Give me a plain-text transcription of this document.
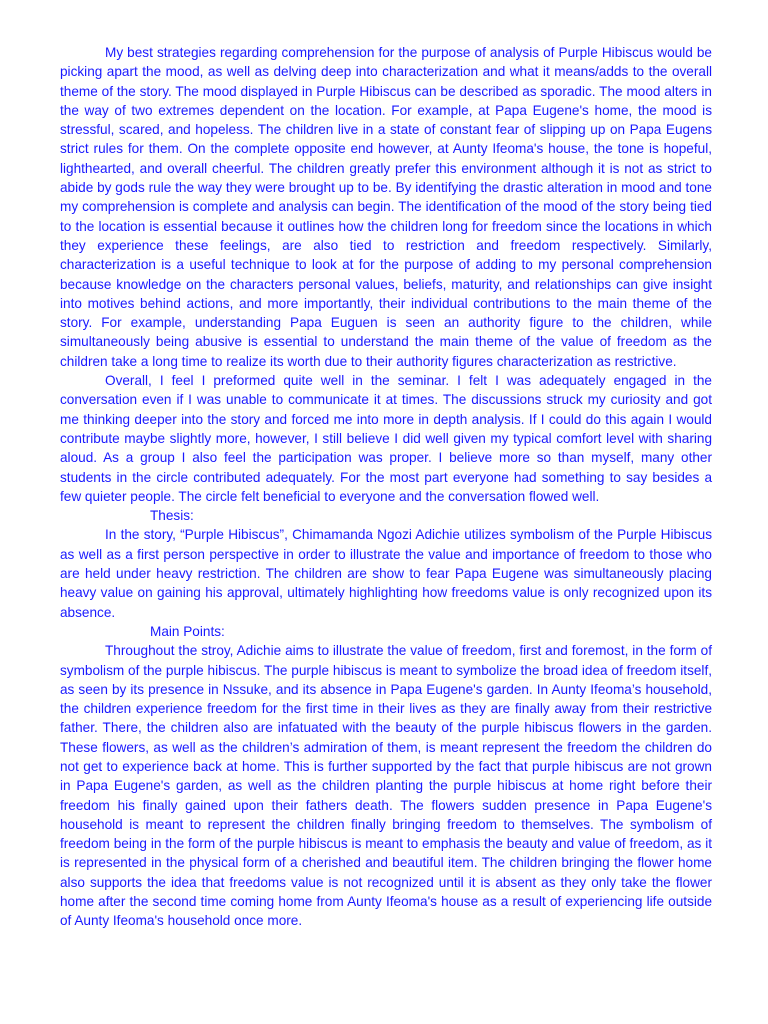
My best strategies regarding comprehension for the purpose of analysis of Purple Hibiscus would be picking apart the mood, as well as delving deep into characterization and what it means/adds to the overall theme of the story. The mood displayed in Purple Hibiscus can be described as sporadic. The mood alters in the way of two extremes dependent on the location. For example, at Papa Eugene's home, the mood is stressful, scared, and hopeless. The children live in a state of constant fear of slipping up on Papa Eugens strict rules for them. On the complete opposite end however, at Aunty Ifeoma's house, the tone is hopeful, lighthearted, and overall cheerful. The children greatly prefer this environment although it is not as strict to abide by gods rule the way they were brought up to be. By identifying the drastic alteration in mood and tone my comprehension is complete and analysis can begin. The identification of the mood of the story being tied to the location is essential because it outlines how the children long for freedom since the locations in which they experience these feelings, are also tied to restriction and freedom respectively. Similarly, characterization is a useful technique to look at for the purpose of adding to my personal comprehension because knowledge on the characters personal values, beliefs, maturity, and relationships can give insight into motives behind actions, and more importantly, their individual contributions to the main theme of the story. For example, understanding Papa Euguen is seen an authority figure to the children, while simultaneously being abusive is essential to understand the main theme of the value of freedom as the children take a long time to realize its worth due to their authority figures characterization as restrictive.

Overall, I feel I preformed quite well in the seminar. I felt I was adequately engaged in the conversation even if I was unable to communicate it at times. The discussions struck my curiosity and got me thinking deeper into the story and forced me into more in depth analysis. If I could do this again I would contribute maybe slightly more, however, I still believe I did well given my typical comfort level with sharing aloud. As a group I also feel the participation was proper. I believe more so than myself, many other students in the circle contributed adequately. For the most part everyone had something to say besides a few quieter people. The circle felt beneficial to everyone and the conversation flowed well.

Thesis:

In the story, “Purple Hibiscus”, Chimamanda Ngozi Adichie utilizes symbolism of the Purple Hibiscus as well as a first person perspective in order to illustrate the value and importance of freedom to those who are held under heavy restriction. The children are show to fear Papa Eugene was simultaneously placing heavy value on gaining his approval, ultimately highlighting how freedoms value is only recognized upon its absence.

Main Points:

Throughout the stroy, Adichie aims to illustrate the value of freedom, first and foremost, in the form of symbolism of the purple hibiscus. The purple hibiscus is meant to symbolize the broad idea of freedom itself, as seen by its presence in Nssuke, and its absence in Papa Eugene's garden. In Aunty Ifeoma’s household, the children experience freedom for the first time in their lives as they are finally away from their restrictive father. There, the children also are infatuated with the beauty of the purple hibiscus flowers in the garden. These flowers, as well as the children’s admiration of them, is meant represent the freedom the children do not get to experience back at home. This is further supported by the fact that purple hibiscus are not grown in Papa Eugene's garden, as well as the children planting the purple hibiscus at home right before their freedom his finally gained upon their fathers death. The flowers sudden presence in Papa Eugene's household is meant to represent the children finally bringing freedom to themselves. The symbolism of freedom being in the form of the purple hibiscus is meant to emphasis the beauty and value of freedom, as it is represented in the physical form of a cherished and beautiful item. The children bringing the flower home also supports the idea that freedoms value is not recognized until it is absent as they only take the flower home after the second time coming home from Aunty Ifeoma's house as a result of experiencing life outside of Aunty Ifeoma's household once more.
